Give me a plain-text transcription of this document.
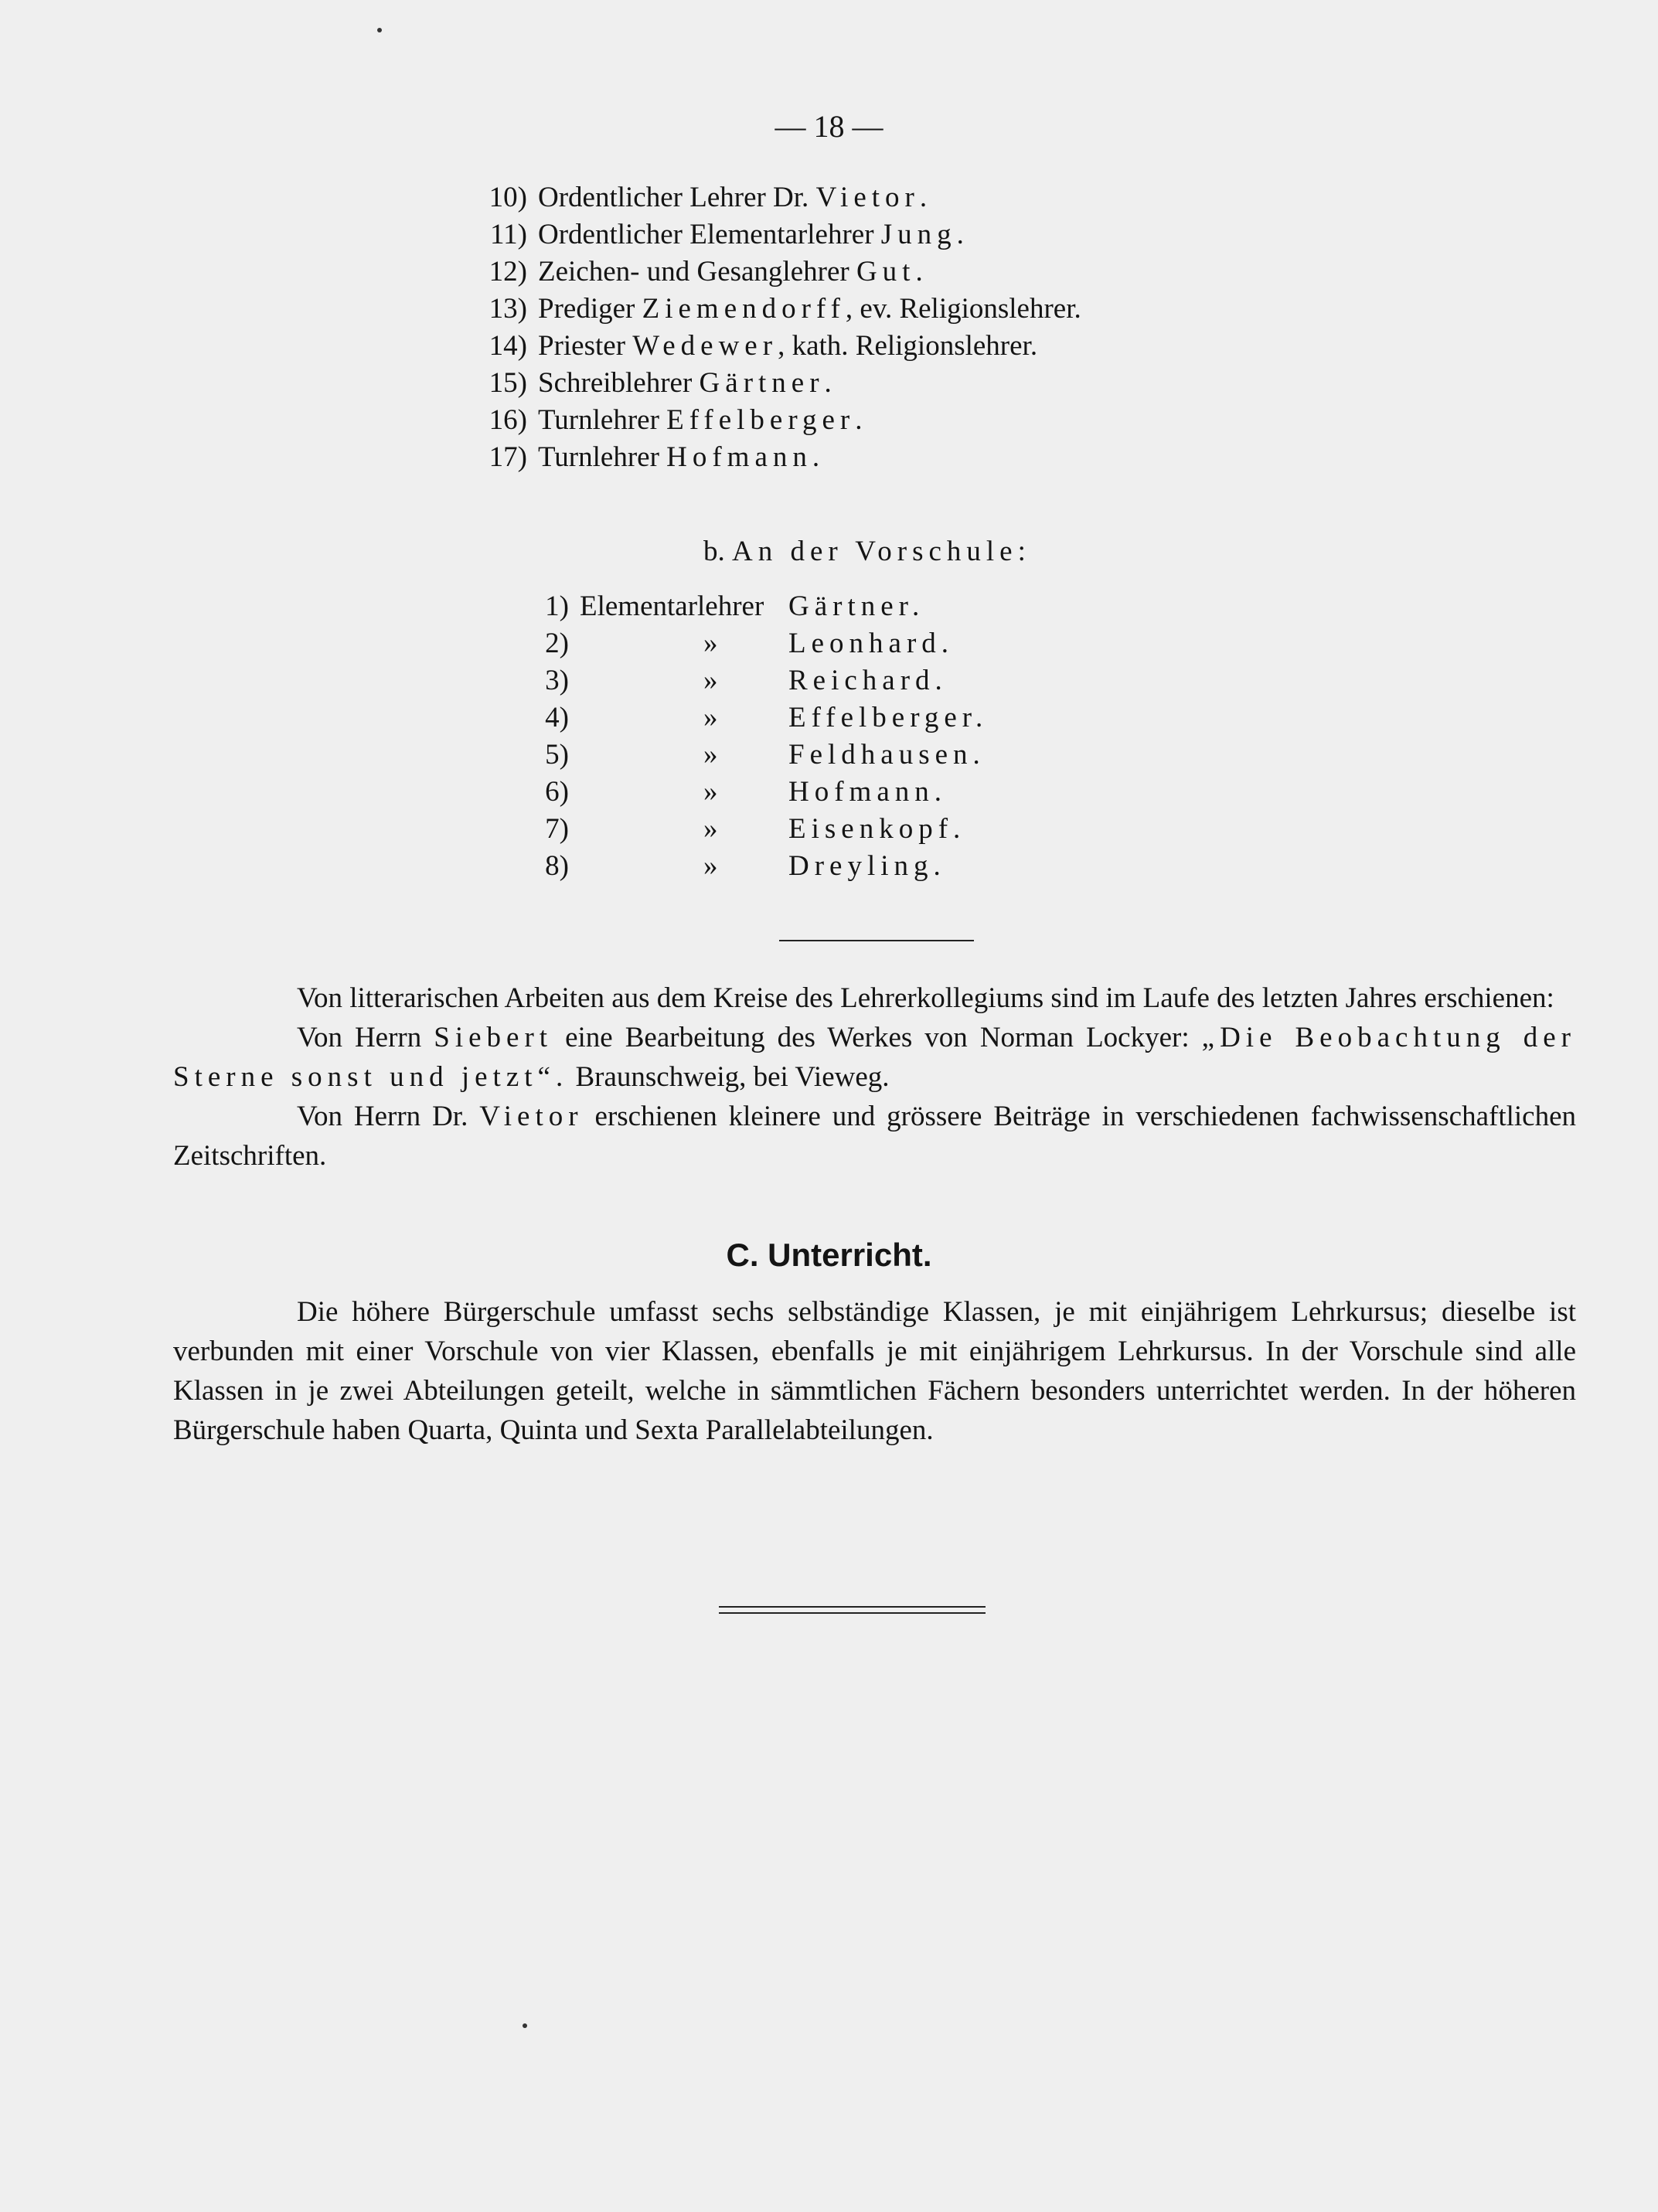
— 18 —
10) Ordentlicher Lehrer Dr. Vietor.
11) Ordentlicher Elementarlehrer Jung.
12) Zeichen- und Gesanglehrer Gut.
13) Prediger Ziemendorff, ev. Religionslehrer.
14) Priester Wedewer, kath. Religionslehrer.
15) Schreiblehrer Gärtner.
16) Turnlehrer Effelberger.
17) Turnlehrer Hofmann.
b. An der Vorschule:
1) Elementarlehrer Gärtner.
2)	» Leonhard.
3)	» Reichard.
4)	» Effelberger.
5)	» Feldhausen.
6)	» Hofmann.
7)	» Eisenkopf.
8)	» Dreyling.

Von litterarischen Arbeiten aus dem Kreise des Lehrerkollegiums sind im Laufe des letzten Jahres erschienen:

Von Herrn Siebert eine Bearbeitung des Werkes von Norman Lockyer: „Die Beobachtung der Sterne sonst und jetzt“. Braunschweig, bei Vieweg.

Von Herrn Dr. Vietor erschienen kleinere und grössere Beiträge in verschiedenen fachwissenschaftlichen Zeitschriften.

C. Unterricht.

Die höhere Bürgerschule umfasst sechs selbständige Klassen, je mit einjährigem Lehrkursus; dieselbe ist verbunden mit einer Vorschule von vier Klassen, ebenfalls je mit einjährigem Lehrkursus. In der Vorschule sind alle Klassen in je zwei Abteilungen geteilt, welche in sämmtlichen Fächern besonders unterrichtet werden. In der höheren Bürgerschule haben Quarta, Quinta und Sexta Parallelabteilungen.
